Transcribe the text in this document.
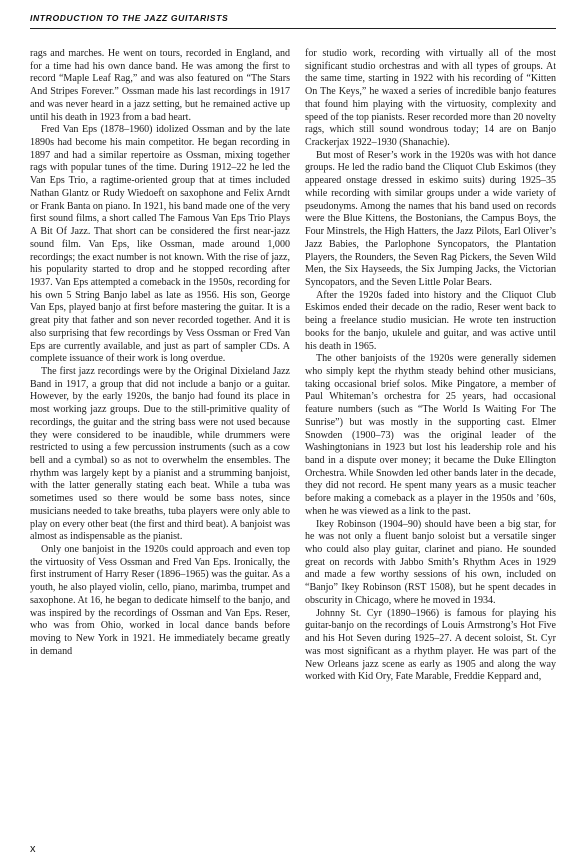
INTRODUCTION TO THE JAZZ GUITARISTS

rags and marches. He went on tours, recorded in England, and for a time had his own dance band. He was among the first to record “Maple Leaf Rag,” and was also featured on “The Stars And Stripes Forever.” Ossman made his last recordings in 1917 and was never heard in a jazz setting, but he remained active up until his death in 1923 from a bad heart.

Fred Van Eps (1878–1960) idolized Ossman and by the late 1890s had become his main competitor. He began recording in 1897 and had a similar repertoire as Ossman, mixing together rags with popular tunes of the time. During 1912–22 he led the Van Eps Trio, a ragtime-oriented group that at times included Nathan Glantz or Rudy Wiedoeft on saxophone and Felix Arndt or Frank Banta on piano. In 1921, his band made one of the very first sound films, a short called The Famous Van Eps Trio Plays A Bit Of Jazz. That short can be considered the first near-jazz sound film. Van Eps, like Ossman, made around 1,000 recordings; the exact number is not known. With the rise of jazz, his popularity started to drop and he stopped recording after 1937. Van Eps attempted a comeback in the 1950s, recording for his own 5 String Banjo label as late as 1956. His son, George Van Eps, played banjo at first before mastering the guitar. It is a great pity that father and son never recorded together. And it is also surprising that few recordings by Vess Ossman or Fred Van Eps are currently available, and just as part of sampler CDs. A complete issuance of their work is long overdue.

The first jazz recordings were by the Original Dixieland Jazz Band in 1917, a group that did not include a banjo or a guitar. However, by the early 1920s, the banjo had found its place in most working jazz groups. Due to the still-primitive quality of recordings, the guitar and the string bass were not used because they were considered to be inaudible, while drummers were restricted to using a few percussion instruments (such as a cow bell and a cymbal) so as not to overwhelm the ensembles. The rhythm was largely kept by a pianist and a strumming banjoist, with the latter generally stating each beat. While a tuba was sometimes used so there would be some bass notes, since musicians needed to take breaths, tuba players were only able to play on every other beat (the first and third beat). A banjoist was almost as indispensable as the pianist.

Only one banjoist in the 1920s could approach and even top the virtuosity of Vess Ossman and Fred Van Eps. Ironically, the first instrument of Harry Reser (1896–1965) was the guitar. As a youth, he also played violin, cello, piano, marimba, trumpet and saxophone. At 16, he began to dedicate himself to the banjo, and was inspired by the recordings of Ossman and Van Eps. Reser, who was from Ohio, worked in local dance bands before moving to New York in 1921. He immediately became greatly in demand

for studio work, recording with virtually all of the most significant studio orchestras and with all types of groups. At the same time, starting in 1922 with his recording of “Kitten On The Keys,” he waxed a series of incredible banjo features that found him playing with the virtuosity, complexity and speed of the top pianists. Reser recorded more than 20 novelty rags, which still sound wondrous today; 14 are on Banjo Crackerjax 1922–1930 (Shanachie).

But most of Reser’s work in the 1920s was with hot dance groups. He led the radio band the Cliquot Club Eskimos (they appeared onstage dressed in eskimo suits) during 1925–35 while recording with similar groups under a wide variety of pseudonyms. Among the names that his band used on records were the Blue Kittens, the Bostonians, the Campus Boys, the Four Minstrels, the High Hatters, the Jazz Pilots, Earl Oliver’s Jazz Babies, the Parlophone Syncopators, the Plantation Players, the Rounders, the Seven Rag Pickers, the Seven Wild Men, the Six Hayseeds, the Six Jumping Jacks, the Victorian Syncopators, and the Seven Little Polar Bears.

After the 1920s faded into history and the Cliquot Club Eskimos ended their decade on the radio, Reser went back to being a freelance studio musician. He wrote ten instruction books for the banjo, ukulele and guitar, and was active until his death in 1965.

The other banjoists of the 1920s were generally sidemen who simply kept the rhythm steady behind other musicians, taking occasional brief solos. Mike Pingatore, a member of Paul Whiteman’s orchestra for 25 years, had occasional feature numbers (such as “The World Is Waiting For The Sunrise”) but was mostly in the supporting cast. Elmer Snowden (1900–73) was the original leader of the Washingtonians in 1923 but lost his leadership role and his band in a dispute over money; it became the Duke Ellington Orchestra. While Snowden led other bands later in the decade, they did not record. He spent many years as a music teacher before making a comeback as a player in the 1950s and ’60s, when he was viewed as a link to the past.

Ikey Robinson (1904–90) should have been a big star, for he was not only a fluent banjo soloist but a versatile singer who could also play guitar, clarinet and piano. He sounded great on records with Jabbo Smith’s Rhythm Aces in 1929 and made a few worthy sessions of his own, included on “Banjo” Ikey Robinson (RST 1508), but he spent decades in obscurity in Chicago, where he moved in 1934.

Johnny St. Cyr (1890–1966) is famous for playing his guitar-banjo on the recordings of Louis Armstrong’s Hot Five and his Hot Seven during 1925–27. A decent soloist, St. Cyr was most significant as a rhythm player. He was part of the New Orleans jazz scene as early as 1905 and along the way worked with Kid Ory, Fate Marable, Freddie Keppard and,

x
